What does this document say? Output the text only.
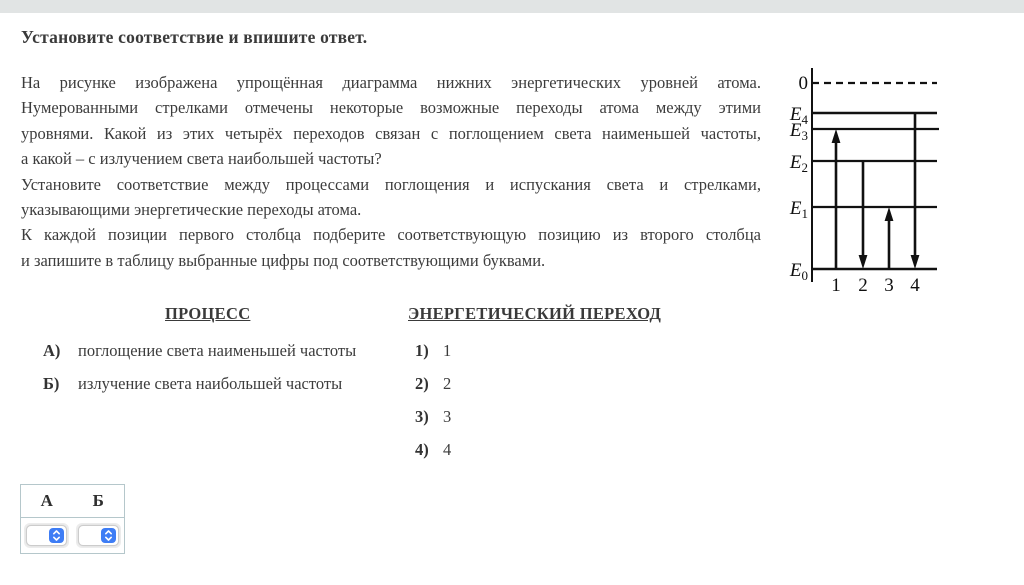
Установите соответствие и впишите ответ.
На рисунке изображена упрощённая диаграмма нижних энергетических уровней атома.
Нумерованными стрелками отмечены некоторые возможные переходы атома между этими
уровнями. Какой из этих четырёх переходов связан с поглощением света наименьшей частоты,
а какой – с излучением света наибольшей частоты?
Установите соответствие между процессами поглощения и испускания света и стрелками,
указывающими энергетические переходы атома.
К каждой позиции первого столбца подберите соответствующую позицию из второго столбца
и запишите в таблицу выбранные цифры под соответствующими буквами.
0
$E_4$
$E_3$
$E_2$
$E_1$
$E_0$ 1 2 3 4
ПРОЦЕСС	ЭНЕРГЕТИЧЕСКИЙ ПЕРЕХОД
А) поглощение света наименьшей частоты
Б) излучение света наибольшей частоты
1) 1
2) 2
3) 3
4) 4
А	Б
